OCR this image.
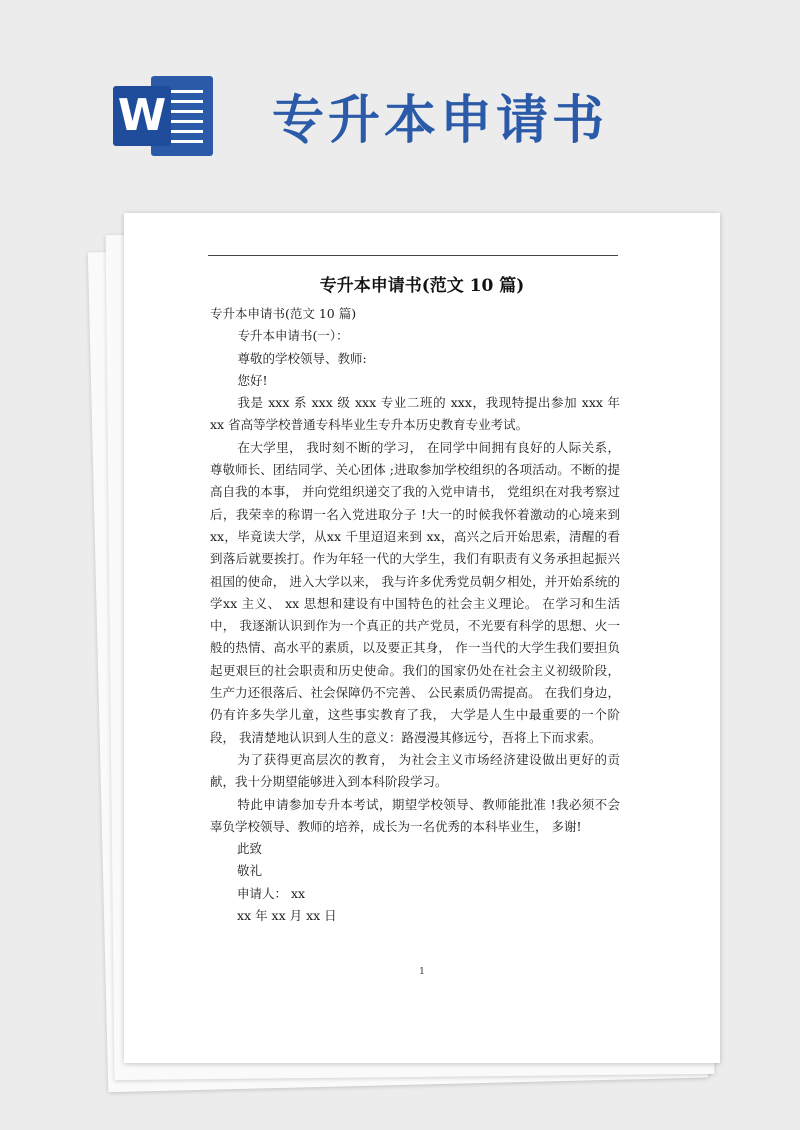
W 专升本申请书
专升本申请书(范文 10 篇)

专升本申请书(范文 10 篇)

专升本申请书(一）：

尊敬的学校领导、教师:

您好!

我是 xxx 系 xxx 级 xxx 专业二班的 xxx，我现特提出参加 xxx 年 xx 省高等学校普通专科毕业生专升本历史教育专业考试。

在大学里， 我时刻不断的学习， 在同学中间拥有良好的人际关系，尊敬师长、团结同学、关心团体 ;进取参加学校组织的各项活动。不断的提高自我的本事， 并向党组织递交了我的入党申请书， 党组织在对我考察过后，我荣幸的称谓一名入党进取分子 !大一的时候我怀着激动的心境来到 xx，毕竟读大学，从xx 千里迢迢来到 xx，高兴之后开始思索，清醒的看到落后就要挨打。作为年轻一代的大学生，我们有职责有义务承担起振兴祖国的使命， 进入大学以来， 我与许多优秀党员朝夕相处，并开始系统的学xx 主义、 xx 思想和建设有中国特色的社会主义理论。 在学习和生活中， 我逐渐认识到作为一个真正的共产党员，不光要有科学的思想、火一般的热情、高水平的素质，以及要正其身， 作一当代的大学生我们要担负起更艰巨的社会职责和历史使命。我们的国家仍处在社会主义初级阶段，生产力还很落后、社会保障仍不完善、 公民素质仍需提高。 在我们身边， 仍有许多失学儿童，这些事实教育了我， 大学是人生中最重要的一个阶段， 我清楚地认识到人生的意义：路漫漫其修远兮，吾将上下而求索。

为了获得更高层次的教育， 为社会主义市场经济建设做出更好的贡献，我十分期望能够进入到本科阶段学习。

特此申请参加专升本考试，期望学校领导、教师能批准 !我必须不会辜负学校领导、教师的培养，成长为一名优秀的本科毕业生， 多谢!

此致

敬礼

申请人： xx

xx 年 xx 月 xx 日

1
